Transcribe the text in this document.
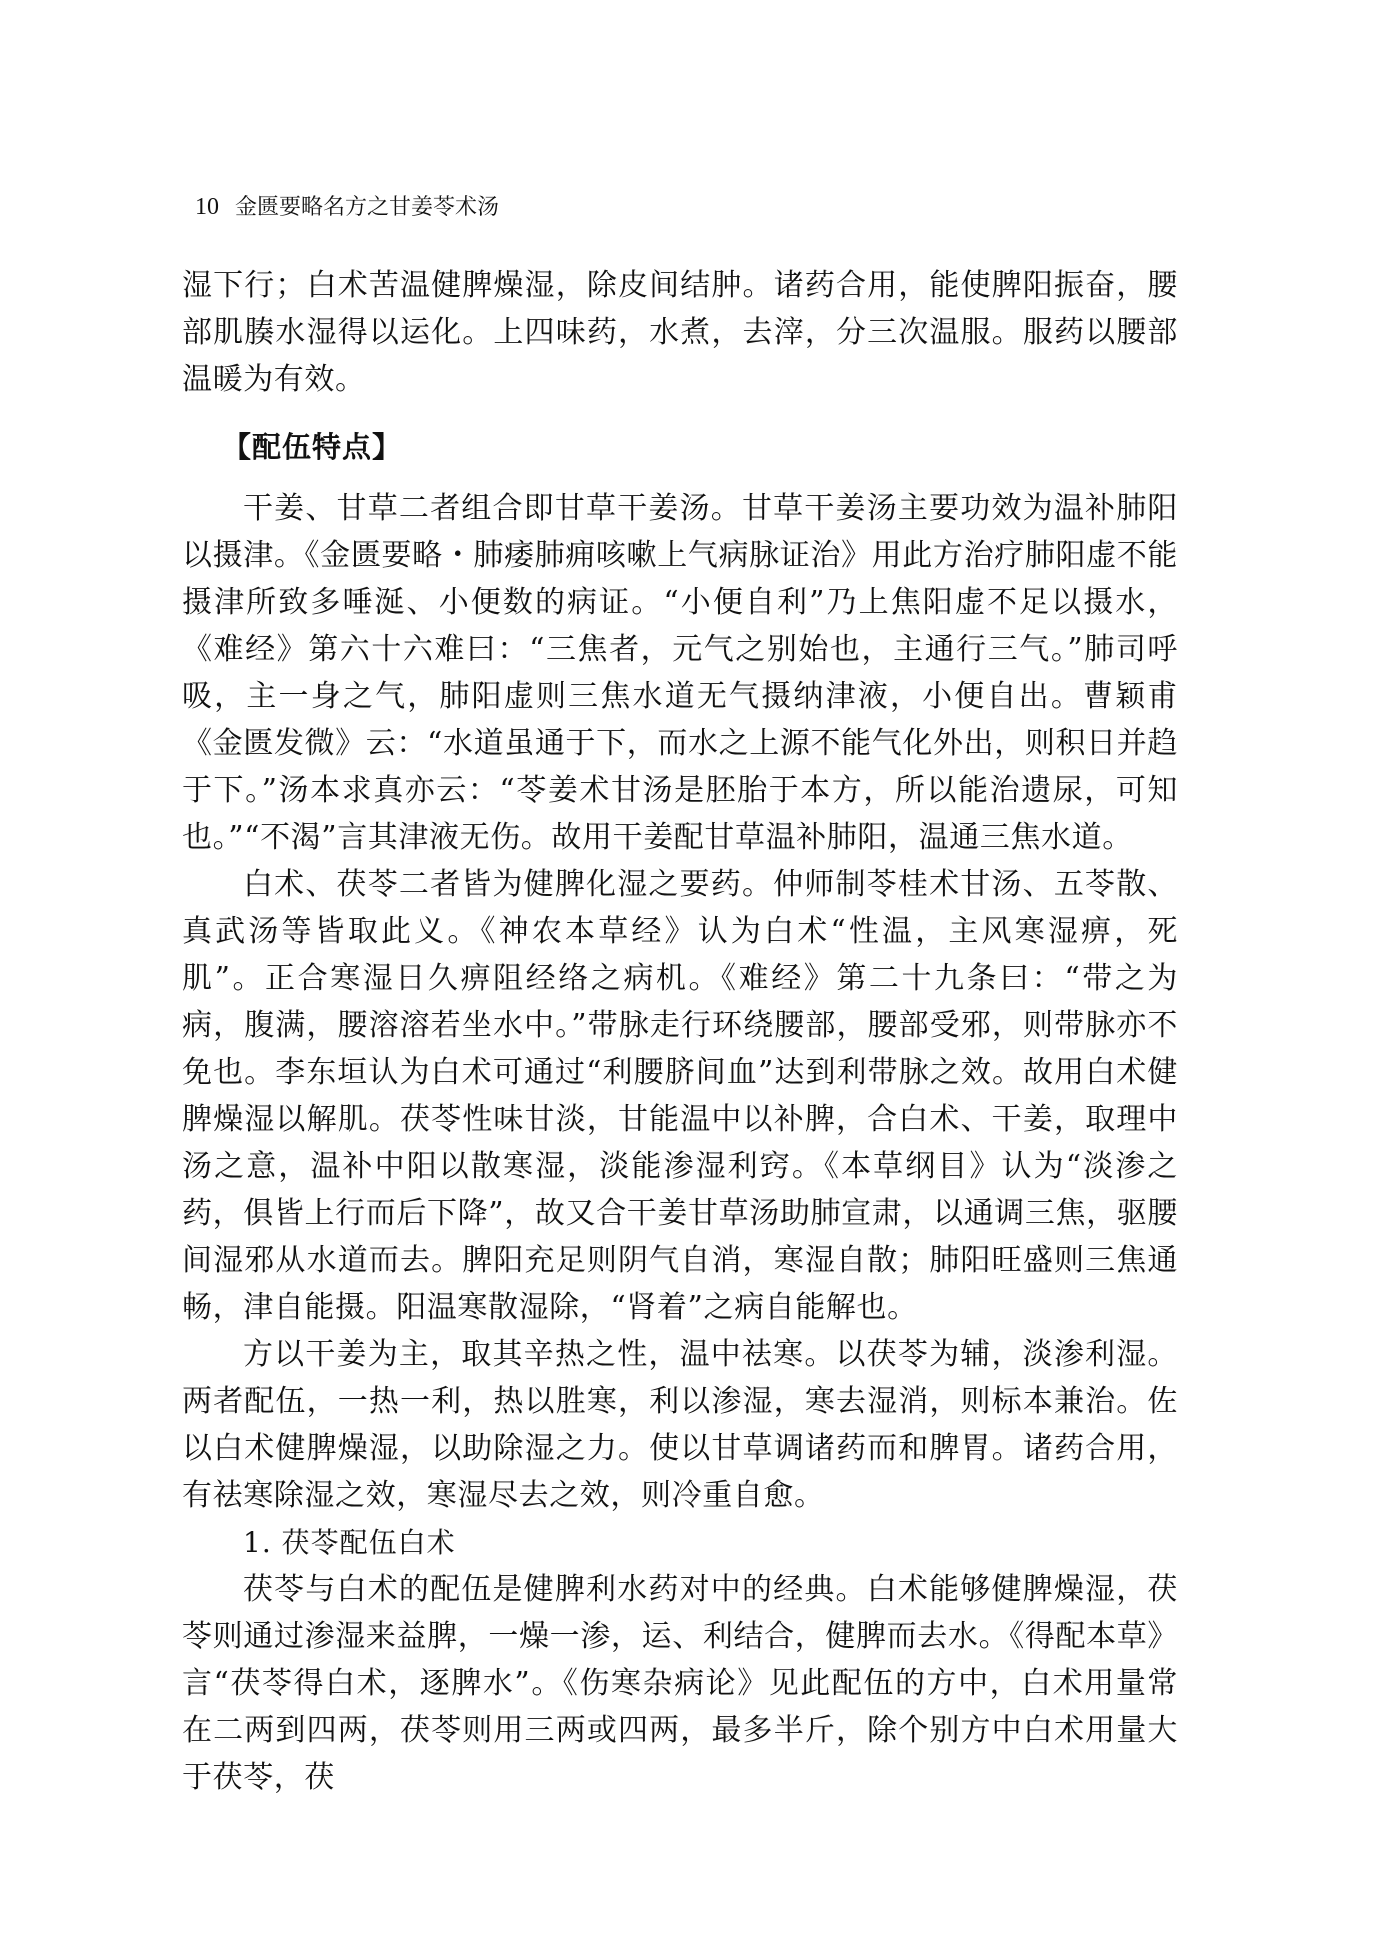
10 金匮要略名方之甘姜苓术汤

湿下行；白术苦温健脾燥湿，除皮间结肿。诸药合用，能使脾阳振奋，腰部肌腠水湿得以运化。上四味药，水煮，去滓，分三次温服。服药以腰部温暖为有效。

【配伍特点】

干姜、甘草二者组合即甘草干姜汤。甘草干姜汤主要功效为温补肺阳以摄津。《金匮要略・肺痿肺痈咳嗽上气病脉证治》用此方治疗肺阳虚不能摄津所致多唾涎、小便数的病证。“小便自利”乃上焦阳虚不足以摄水，《难经》第六十六难曰：“三焦者，元气之别始也，主通行三气。”肺司呼吸，主一身之气，肺阳虚则三焦水道无气摄纳津液，小便自出。曹颖甫《金匮发微》云：“水道虽通于下，而水之上源不能气化外出，则积日并趋于下。”汤本求真亦云：“苓姜术甘汤是胚胎于本方，所以能治遗尿，可知也。”“不渴”言其津液无伤。故用干姜配甘草温补肺阳，温通三焦水道。

白术、茯苓二者皆为健脾化湿之要药。仲师制苓桂术甘汤、五苓散、真武汤等皆取此义。《神农本草经》认为白术“性温，主风寒湿痹，死肌”。正合寒湿日久痹阻经络之病机。《难经》第二十九条曰：“带之为病，腹满，腰溶溶若坐水中。”带脉走行环绕腰部，腰部受邪，则带脉亦不免也。李东垣认为白术可通过“利腰脐间血”达到利带脉之效。故用白术健脾燥湿以解肌。茯苓性味甘淡，甘能温中以补脾，合白术、干姜，取理中汤之意，温补中阳以散寒湿，淡能渗湿利窍。《本草纲目》认为“淡渗之药，俱皆上行而后下降”，故又合干姜甘草汤助肺宣肃，以通调三焦，驱腰间湿邪从水道而去。脾阳充足则阴气自消，寒湿自散；肺阳旺盛则三焦通畅，津自能摄。阳温寒散湿除，“肾着”之病自能解也。

方以干姜为主，取其辛热之性，温中祛寒。以茯苓为辅，淡渗利湿。两者配伍，一热一利，热以胜寒，利以渗湿，寒去湿消，则标本兼治。佐以白术健脾燥湿，以助除湿之力。使以甘草调诸药而和脾胃。诸药合用，有祛寒除湿之效，寒湿尽去之效，则冷重自愈。

1. 茯苓配伍白术

茯苓与白术的配伍是健脾利水药对中的经典。白术能够健脾燥湿，茯苓则通过渗湿来益脾，一燥一渗，运、利结合，健脾而去水。《得配本草》言“茯苓得白术，逐脾水”。《伤寒杂病论》见此配伍的方中，白术用量常在二两到四两，茯苓则用三两或四两，最多半斤，除个别方中白术用量大于茯苓，茯
